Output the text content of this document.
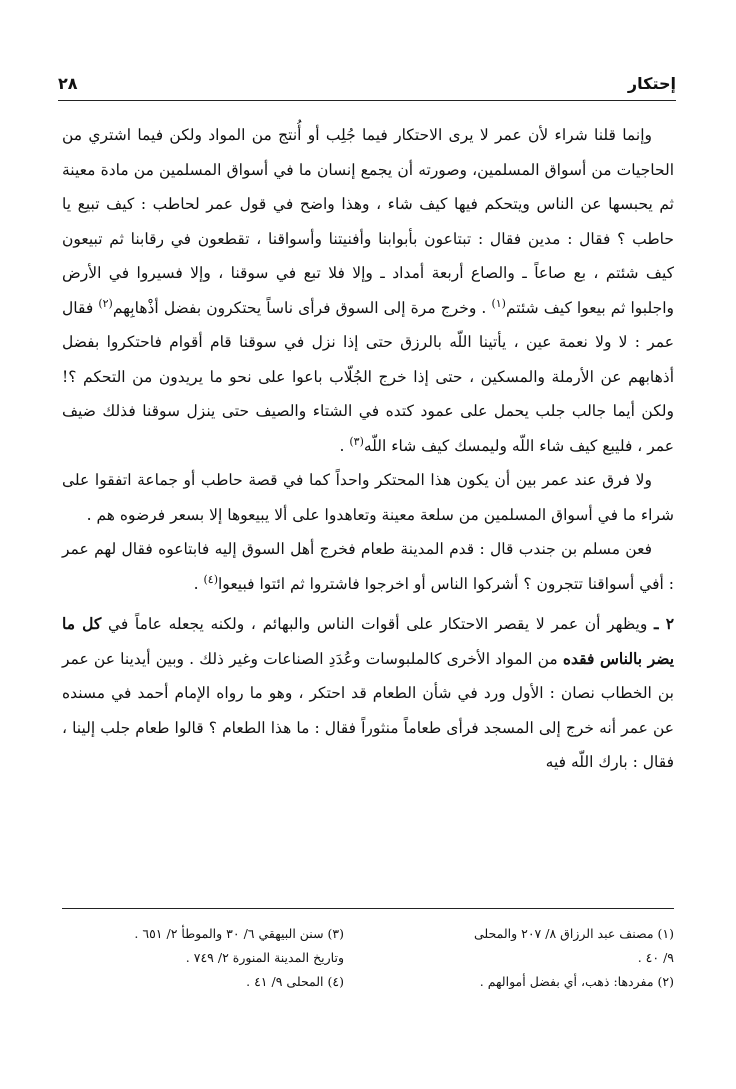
إحتكار
٢٨

وإنما قلنا شراء لأن عمر لا يرى الاحتكار فيما جُلِب أو أُنتج من المواد ولكن فيما اشتري من الحاجيات من أسواق المسلمين، وصورته أن يجمع إنسان ما في أسواق المسلمين من مادة معينة ثم يحبسها عن الناس ويتحكم فيها كيف شاء ، وهذا واضح في قول عمر لحاطب : كيف تبيع يا حاطب ؟ فقال : مدين فقال : تبتاعون بأبوابنا وأفنيتنا وأسواقنا ، تقطعون في رقابنا ثم تبيعون كيف شئتم ، بع صاعاً ـ والصاع أربعة أمداد ـ وإلا فلا تبع في سوقنا ، وإلا فسيروا في الأرض واجلبوا ثم بيعوا كيف شئتم$^{(١)}$ . وخرج مرة إلى السوق فرأى ناساً يحتكرون بفضل أذْهابِهم$^{(٢)}$ فقال عمر : لا ولا نعمة عين ، يأتينا اللّه بالرزق حتى إذا نزل في سوقنا قام أقوام فاحتكروا بفضل أذهابهم عن الأرملة والمسكين ، حتى إذا خرج الجُلّاب باعوا على نحو ما يريدون من التحكم ؟! ولكن أيما جالب جلب يحمل على عمود كتده في الشتاء والصيف حتى ينزل سوقنا فذلك ضيف عمر ، فليبع كيف شاء اللّه وليمسك كيف شاء اللّه$^{(٣)}$ .

ولا فرق عند عمر بين أن يكون هذا المحتكر واحداً كما في قصة حاطب أو جماعة اتفقوا على شراء ما في أسواق المسلمين من سلعة معينة وتعاهدوا على ألا يبيعوها إلا بسعر فرضوه هم .

فعن مسلم بن جندب قال : قدم المدينة طعام فخرج أهل السوق إليه فابتاعوه فقال لهم عمر : أفي أسواقنا تتجرون ؟ أشركوا الناس أو اخرجوا فاشتروا ثم ائتوا فبيعوا$^{(٤)}$ .

٢ ـ ويظهر أن عمر لا يقصر الاحتكار على أقوات الناس والبهائم ، ولكنه يجعله عاماً في كل ما يضر بالناس فقده من المواد الأخرى كالملبوسات وعُدَدِ الصناعات وغير ذلك . وبين أيدينا عن عمر بن الخطاب نصان : الأول ورد في شأن الطعام قد احتكر ، وهو ما رواه الإمام أحمد في مسنده عن عمر أنه خرج إلى المسجد فرأى طعاماً منثوراً فقال : ما هذا الطعام ؟ قالوا طعام جلب إلينا ، فقال : بارك اللّه فيه

(١) مصنف عبد الرزاق ٨/ ٢٠٧ والمحلى
٩/ ٤٠ .
(٢) مفردها: ذهب، أي بفضل أموالهم .
(٣) سنن البيهقي ٦/ ٣٠ والموطأ ٢/ ٦٥١ .
وتاريخ المدينة المنورة ٢/ ٧٤٩ .
(٤) المحلى ٩/ ٤١ .
